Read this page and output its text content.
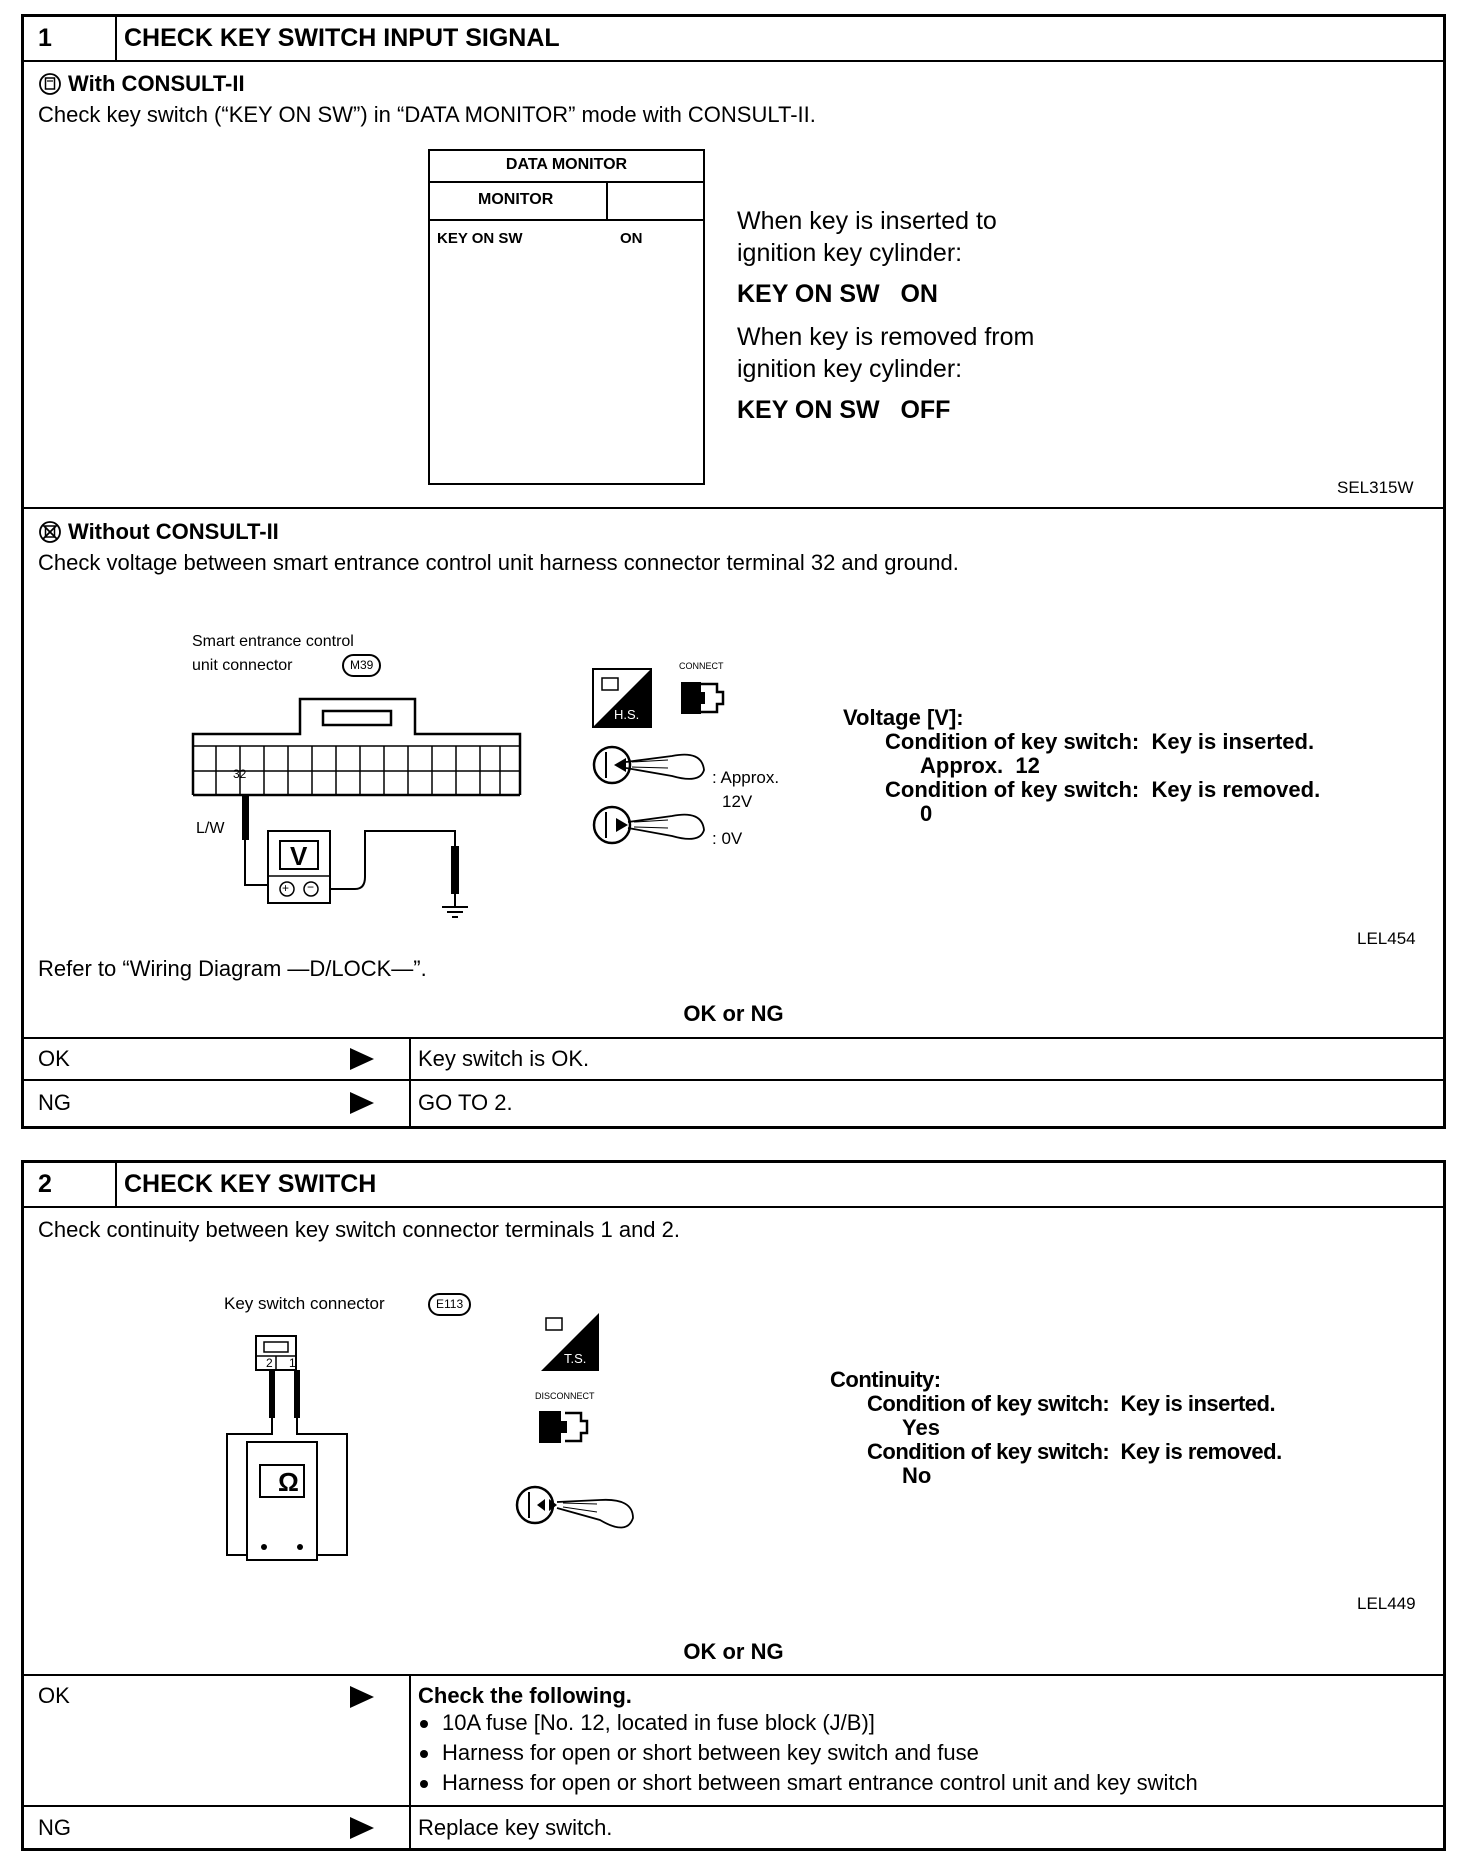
1	CHECK KEY SWITCH INPUT SIGNAL
With CONSULT-II
Check key switch (“KEY ON SW”) in “DATA MONITOR” mode with CONSULT-II.
DATA MONITOR
MONITOR
KEY ON SW	ON
When key is inserted to
ignition key cylinder:
KEY ON SW   ON
When key is removed from
ignition key cylinder:
KEY ON SW   OFF
SEL315W
Without CONSULT-II
Check voltage between smart entrance control unit harness connector terminal 32 and ground.
Smart entrance control
unit connector	M39
32
L/W
V
+ −
H.S.
CONNECT
: Approx.
12V
: 0V
Voltage [V]:
Condition of key switch:  Key is inserted.
Approx.  12
Condition of key switch:  Key is removed.
0
LEL454
Refer to “Wiring Diagram —D/LOCK—”.
OK or NG
OK	Key switch is OK.
NG	GO TO 2.
2	CHECK KEY SWITCH
Check continuity between key switch connector terminals 1 and 2.
Key switch connector	E113
2 1
Ω
T.S.
DISCONNECT
Continuity:
Condition of key switch:  Key is inserted.
Yes
Condition of key switch:  Key is removed.
No
LEL449
OK or NG
OK	Check the following.
10A fuse [No. 12, located in fuse block (J/B)]
Harness for open or short between key switch and fuse
Harness for open or short between smart entrance control unit and key switch
NG	Replace key switch.
